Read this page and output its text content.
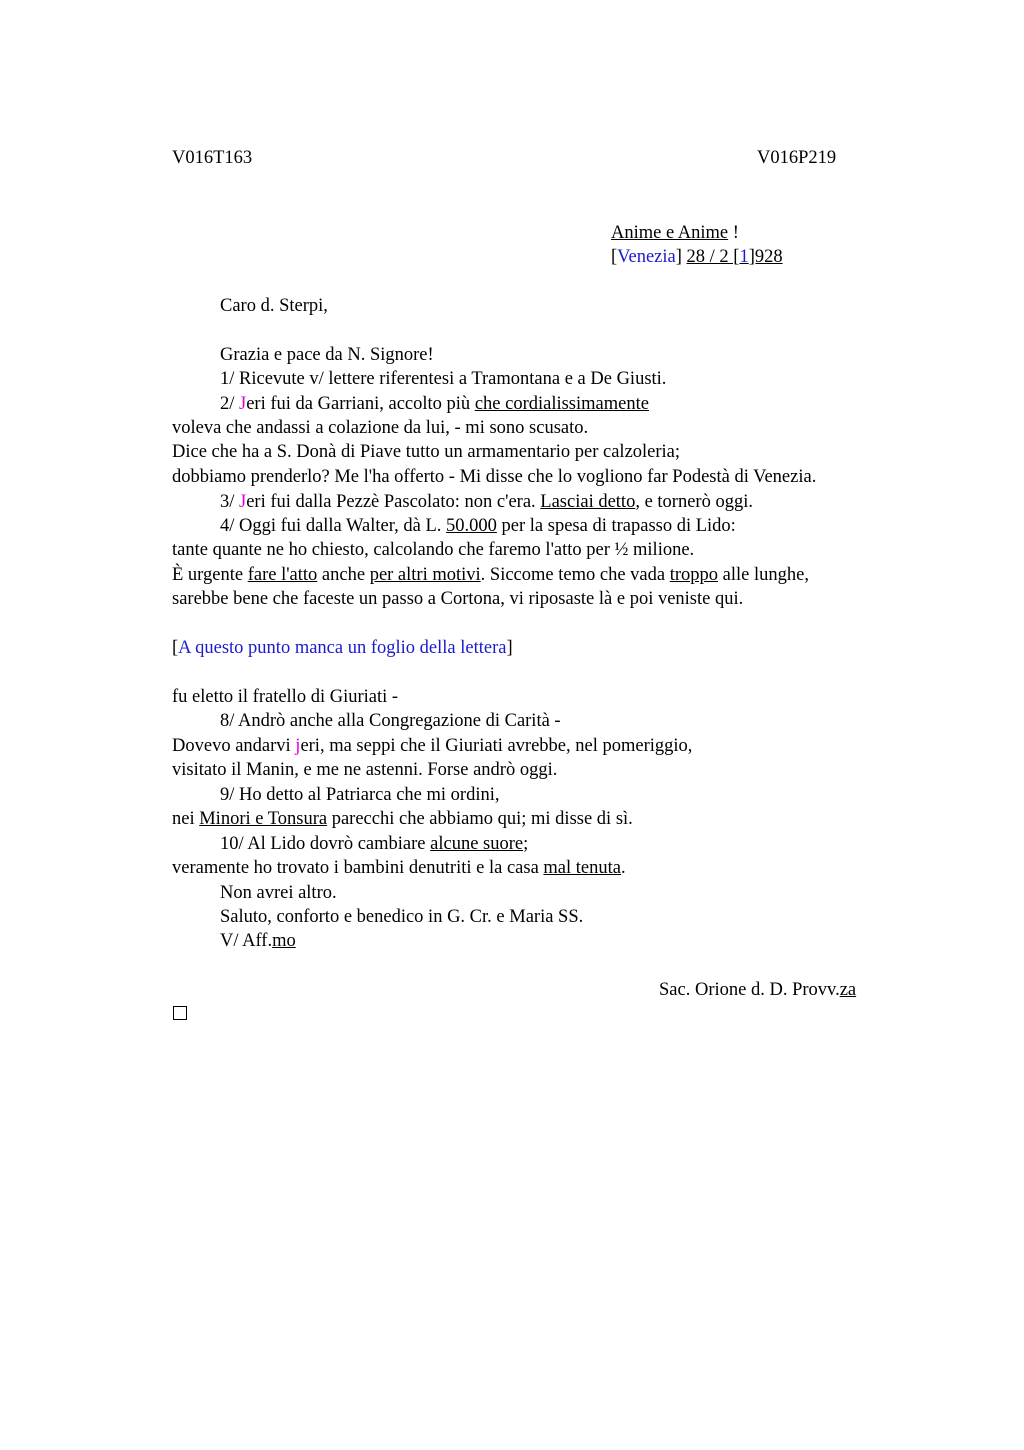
V016T163	V016P219
Anime e Anime !
[Venezia] 28 / 2 [1]928
Caro d. Sterpi,
Grazia e pace da N. Signore!
1/ Ricevute v/ lettere riferentesi a Tramontana e a De Giusti.
2/ Jeri fui da Garriani, accolto più che cordialissimamente
voleva che andassi a colazione da lui, - mi sono scusato.
Dice che ha a S. Donà di Piave tutto un armamentario per calzoleria;
dobbiamo prenderlo? Me l'ha offerto - Mi disse che lo vogliono far Podestà di Venezia.
3/ Jeri fui dalla Pezzè Pascolato: non c'era. Lasciai detto, e tornerò oggi.
4/ Oggi fui dalla Walter, dà L. 50.000 per la spesa di trapasso di Lido:
tante quante ne ho chiesto, calcolando che faremo l'atto per ½ milione.
È urgente fare l'atto anche per altri motivi. Siccome temo che vada troppo alle lunghe,
sarebbe bene che faceste un passo a Cortona, vi riposaste là e poi veniste qui.
[A questo punto manca un foglio della lettera]
fu eletto il fratello di Giuriati -
8/ Andrò anche alla Congregazione di Carità -
Dovevo andarvi jeri, ma seppi che il Giuriati avrebbe, nel pomeriggio,
visitato il Manin, e me ne astenni. Forse andrò oggi.
9/ Ho detto al Patriarca che mi ordini,
nei Minori e Tonsura parecchi che abbiamo qui; mi disse di sì.
10/ Al Lido dovrò cambiare alcune suore;
veramente ho trovato i bambini denutriti e la casa mal tenuta.
Non avrei altro.
Saluto, conforto e benedico in G. Cr. e Maria SS.
V/ Aff.mo
Sac. Orione d. D. Provv.za
